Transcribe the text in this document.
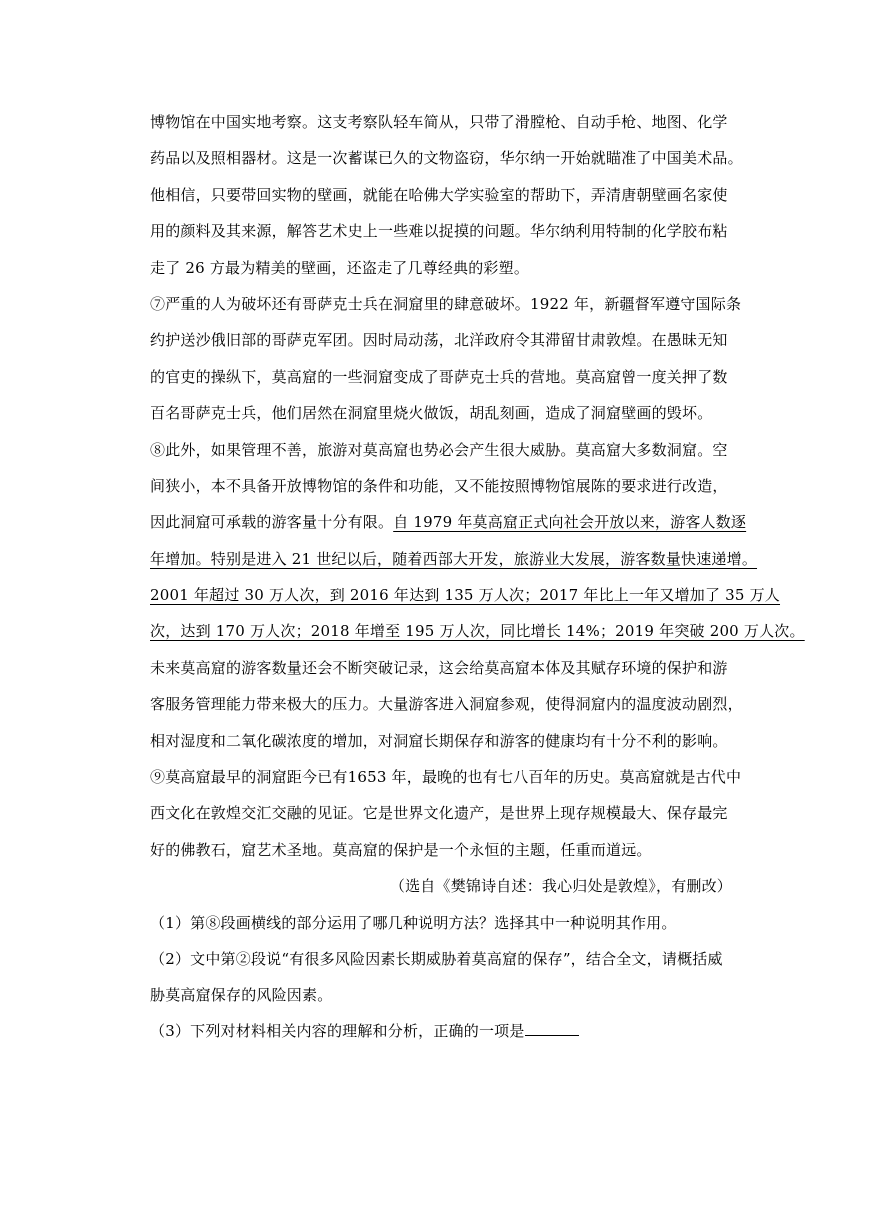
博物馆在中国实地考察。这支考察队轻车简从，只带了滑膛枪、自动手枪、地图、化学
药品以及照相器材。这是一次蓄谋已久的文物盗窃，华尔纳一开始就瞄准了中国美术品。
他相信，只要带回实物的壁画，就能在哈佛大学实验室的帮助下，弄清唐朝壁画名家使
用的颜料及其来源，解答艺术史上一些难以捉摸的问题。华尔纳利用特制的化学胶布粘
走了 26 方最为精美的壁画，还盗走了几尊经典的彩塑。
⑦严重的人为破坏还有哥萨克士兵在洞窟里的肆意破坏。1922 年，新疆督军遵守国际条
约护送沙俄旧部的哥萨克军团。因时局动荡，北洋政府令其滞留甘肃敦煌。在愚昧无知
的官吏的操纵下，莫高窟的一些洞窟变成了哥萨克士兵的营地。莫高窟曾一度关押了数
百名哥萨克士兵，他们居然在洞窟里烧火做饭，胡乱刻画，造成了洞窟壁画的毁坏。
⑧此外，如果管理不善，旅游对莫高窟也势必会产生很大威胁。莫高窟大多数洞窟。空
间狭小，本不具备开放博物馆的条件和功能，又不能按照博物馆展陈的要求进行改造，
因此洞窟可承载的游客量十分有限。自 1979 年莫高窟正式向社会开放以来，游客人数逐
年增加。特别是进入 21 世纪以后，随着西部大开发，旅游业大发展，游客数量快速递增。
2001 年超过 30 万人次，到 2016 年达到 135 万人次；2017 年比上一年又增加了 35 万人
次，达到 170 万人次；2018 年增至 195 万人次，同比增长 14%；2019 年突破 200 万人次。
未来莫高窟的游客数量还会不断突破记录，这会给莫高窟本体及其赋存环境的保护和游
客服务管理能力带来极大的压力。大量游客进入洞窟参观，使得洞窟内的温度波动剧烈，
相对湿度和二氧化碳浓度的增加，对洞窟长期保存和游客的健康均有十分不利的影响。
⑨莫高窟最早的洞窟距今已有1653 年，最晚的也有七八百年的历史。莫高窟就是古代中
西文化在敦煌交汇交融的见证。它是世界文化遗产，是世界上现存规模最大、保存最完
好的佛教石，窟艺术圣地。莫高窟的保护是一个永恒的主题，任重而道远。
（选自《樊锦诗自述：我心归处是敦煌》，有删改）
（1）第⑧段画横线的部分运用了哪几种说明方法？选择其中一种说明其作用。
（2）文中第②段说“有很多风险因素长期威胁着莫高窟的保存”，结合全文，请概括威
胁莫高窟保存的风险因素。
（3）下列对材料相关内容的理解和分析，正确的一项是
